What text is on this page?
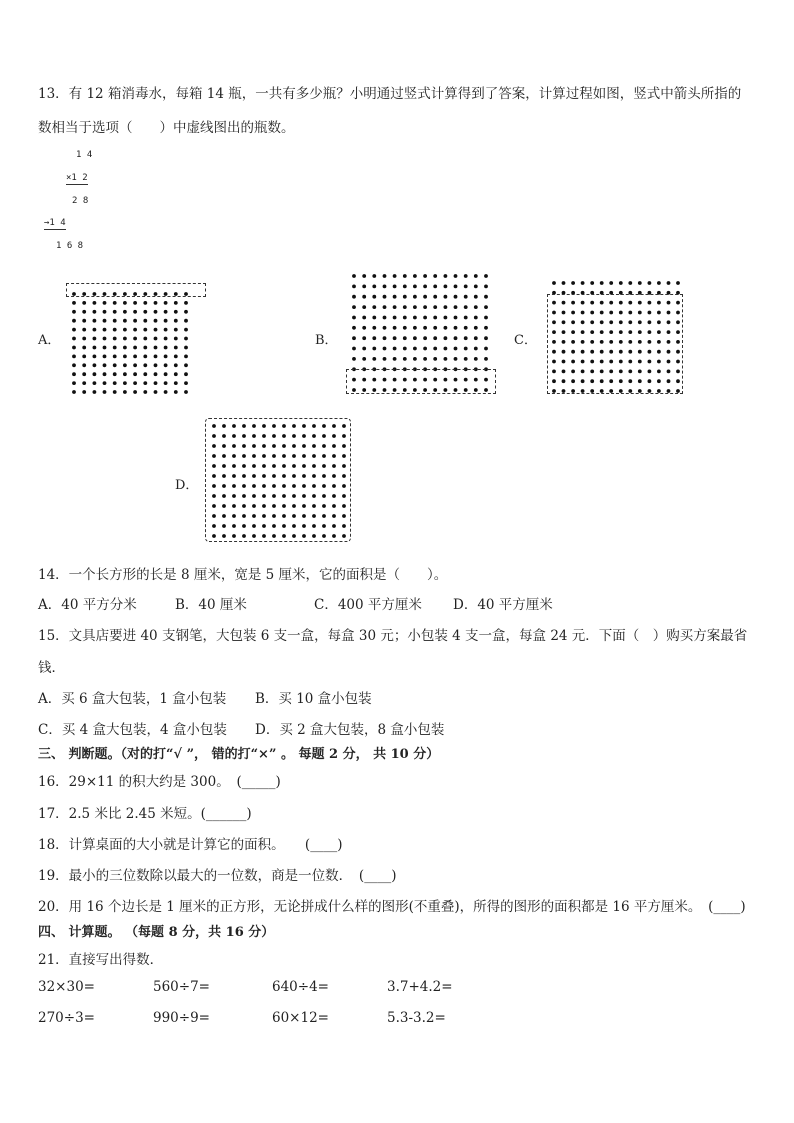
13．有 12 箱消毒水，每箱 14 瓶，一共有多少瓶？小明通过竖式计算得到了答案，计算过程如图，竖式中箭头所指的
数相当于选项（　　）中虚线图出的瓶数。
1 4
×1 2
2 8
→1 4
1 6 8
A．	B．	C．
D．
14．一个长方形的长是 8 厘米，宽是 5 厘米，它的面积是（　　）。
A．40 平方分米	B．40 厘米	C．400 平方厘米 D．40 平方厘米
15．文具店要进 40 支钢笔，大包装 6 支一盒，每盒 30 元；小包装 4 支一盒，每盒 24 元．下面（　）购买方案最省
钱．
A．买 6 盒大包装，1 盒小包装 B．买 10 盒小包装
C．买 4 盒大包装，4 盒小包装 D．买 2 盒大包装，8 盒小包装
三、 判断题。（对的打“√ ”， 错的打“×” 。 每题 2 分， 共 10 分）
16．29×11 的积大约是 300。　(_____)
17．2.5 米比 2.45 米短。(______)
18．计算桌面的大小就是计算它的面积。　　(____)
19．最小的三位数除以最大的一位数，商是一位数．　(____)
20．用 16 个边长是 1 厘米的正方形，无论拼成什么样的图形(不重叠)，所得的图形的面积都是 16 平方厘米。　(____)
四、 计算题。 （每题 8 分，共 16 分）
21．直接写出得数．
32×30=	560÷7=	640÷4=	3.7+4.2=
270÷3=	990÷9=	60×12=	5.3-3.2=
